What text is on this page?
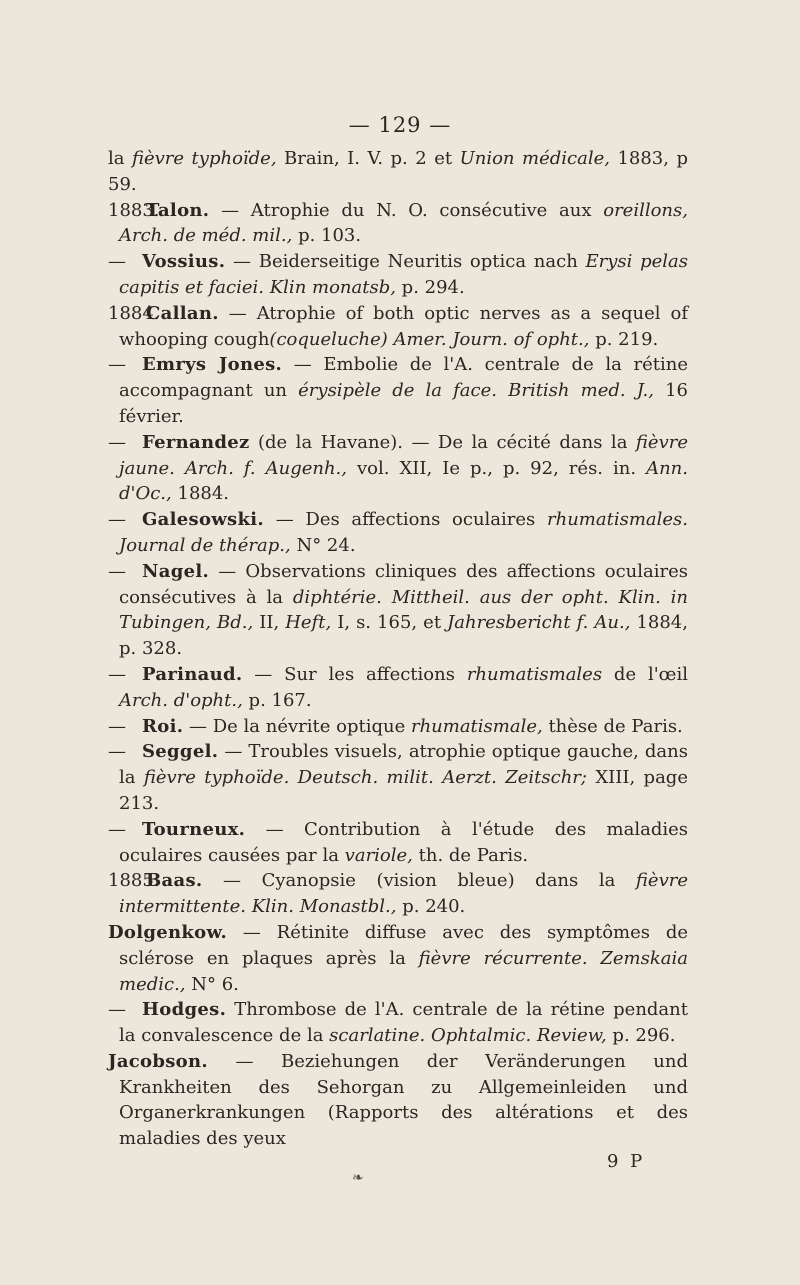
— 129 —
la fièvre typhoïde, Brain, I. V. p. 2 et Union médicale, 1883, p 59.
1883.Talon. — Atrophie du N. O. consécutive aux oreillons, Arch. de méd. mil., p. 103.
— Vossius. — Beiderseitige Neuritis optica nach Erysi pelas capitis et faciei. Klin monatsb, p. 294.
1884.Callan. — Atrophie of both optic nerves as a sequel of whooping cough(coqueluche) Amer. Journ. of opht., p. 219.
— Emrys Jones. — Embolie de l'A. centrale de la rétine accompagnant un érysipèle de la face. British med. J., 16 février.
— Fernandez (de la Havane). — De la cécité dans la fièvre jaune. Arch. f. Augenh., vol. XII, Ie p., p. 92, rés. in. Ann. d'Oc., 1884.
— Galesowski. — Des affections oculaires rhumatismales. Journal de thérap., N° 24.
— Nagel. — Observations cliniques des affections oculaires consécutives à la diphtérie. Mittheil. aus der opht. Klin. in Tubingen, Bd., II, Heft, I, s. 165, et Jahresbericht f. Au., 1884, p. 328.
— Parinaud. — Sur les affections rhumatismales de l'œil Arch. d'opht., p. 167.
— Roi. — De la névrite optique rhumatismale, thèse de Paris.
— Seggel. — Troubles visuels, atrophie optique gauche, dans la fièvre typhoïde. Deutsch. milit. Aerzt. Zeitschr; XIII, page 213.
— Tourneux. — Contribution à l'étude des maladies oculaires causées par la variole, th. de Paris.
1885.Baas. — Cyanopsie (vision bleue) dans la fièvre intermittente. Klin. Monastbl., p. 240.
Dolgenkow. — Rétinite diffuse avec des symptômes de sclérose en plaques après la fièvre récurrente. Zemskaia medic., N° 6.
— Hodges. Thrombose de l'A. centrale de la rétine pendant la convalescence de la scarlatine. Ophtalmic. Review, p. 296.
Jacobson. — Beziehungen der Veränderungen und Krankheiten des Sehorgan zu Allgemeinleiden und Organerkrankungen (Rapports des altérations et des maladies des yeux
9 P
❧
